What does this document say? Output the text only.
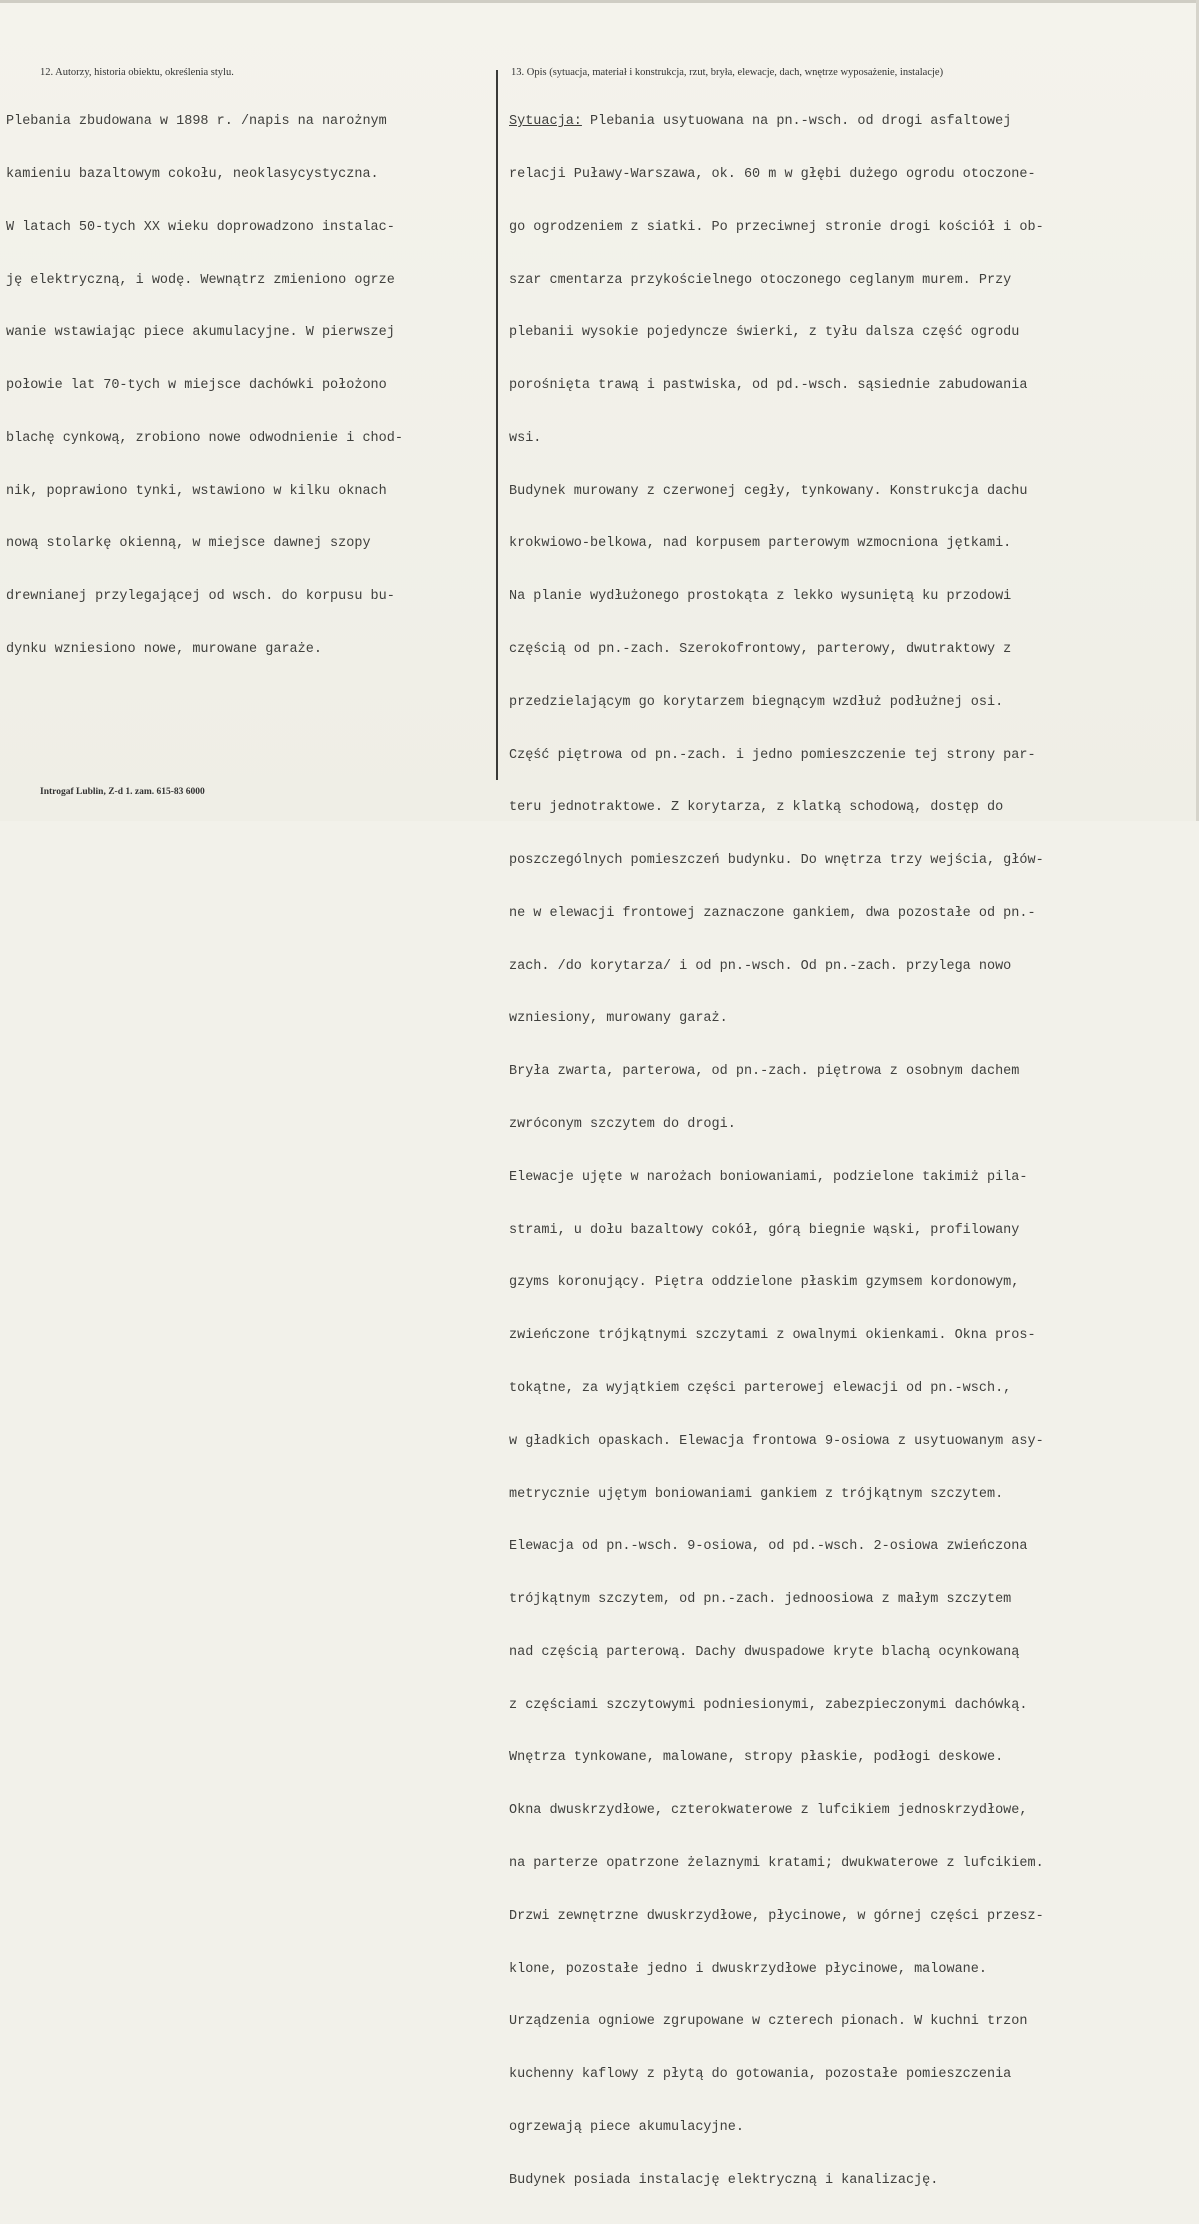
12. Autorzy, historia obiektu, określenia stylu.	13. Opis (sytuacja, materiał i konstrukcja, rzut, bryła, elewacje, dach, wnętrze wyposażenie, instalacje)

Plebania zbudowana w 1898 r. /napis na narożnym

kamieniu bazaltowym cokołu, neoklasycystyczna.

W latach 50-tych XX wieku doprowadzono instalac-

ję elektryczną, i wodę. Wewnątrz zmieniono ogrze

wanie wstawiając piece akumulacyjne. W pierwszej

połowie lat 70-tych w miejsce dachówki położono

blachę cynkową, zrobiono nowe odwodnienie i chod-

nik, poprawiono tynki, wstawiono w kilku oknach

nową stolarkę okienną, w miejsce dawnej szopy

drewnianej przylegającej od wsch. do korpusu bu-

dynku wzniesiono nowe, murowane garaże.

Sytuacja: Plebania usytuowana na pn.-wsch. od drogi asfaltowej

relacji Puławy-Warszawa, ok. 60 m w głębi dużego ogrodu otoczone-

go ogrodzeniem z siatki. Po przeciwnej stronie drogi kościół i ob-

szar cmentarza przykościelnego otoczonego ceglanym murem. Przy

plebanii wysokie pojedyncze świerki, z tyłu dalsza część ogrodu

porośnięta trawą i pastwiska, od pd.-wsch. sąsiednie zabudowania

wsi.

Budynek murowany z czerwonej cegły, tynkowany. Konstrukcja dachu

krokwiowo-belkowa, nad korpusem parterowym wzmocniona jętkami.

Na planie wydłużonego prostokąta z lekko wysuniętą ku przodowi

częścią od pn.-zach. Szerokofrontowy, parterowy, dwutraktowy z

przedzielającym go korytarzem biegnącym wzdłuż podłużnej osi.

Część piętrowa od pn.-zach. i jedno pomieszczenie tej strony par-

teru jednotraktowe. Z korytarza, z klatką schodową, dostęp do

poszczególnych pomieszczeń budynku. Do wnętrza trzy wejścia, głów-

ne w elewacji frontowej zaznaczone gankiem, dwa pozostałe od pn.-

zach. /do korytarza/ i od pn.-wsch. Od pn.-zach. przylega nowo

wzniesiony, murowany garaż.

Bryła zwarta, parterowa, od pn.-zach. piętrowa z osobnym dachem

zwróconym szczytem do drogi.

Elewacje ujęte w narożach boniowaniami, podzielone takimiż pila-

strami, u dołu bazaltowy cokół, górą biegnie wąski, profilowany

gzyms koronujący. Piętra oddzielone płaskim gzymsem kordonowym,

zwieńczone trójkątnymi szczytami z owalnymi okienkami. Okna pros-

tokątne, za wyjątkiem części parterowej elewacji od pn.-wsch.,

w gładkich opaskach. Elewacja frontowa 9-osiowa z usytuowanym asy-

metrycznie ujętym boniowaniami gankiem z trójkątnym szczytem.

Elewacja od pn.-wsch. 9-osiowa, od pd.-wsch. 2-osiowa zwieńczona

trójkątnym szczytem, od pn.-zach. jednoosiowa z małym szczytem

nad częścią parterową. Dachy dwuspadowe kryte blachą ocynkowaną

z częściami szczytowymi podniesionymi, zabezpieczonymi dachówką.

Wnętrza tynkowane, malowane, stropy płaskie, podłogi deskowe.

Okna dwuskrzydłowe, czterokwaterowe z lufcikiem jednoskrzydłowe,

na parterze opatrzone żelaznymi kratami; dwukwaterowe z lufcikiem.

Drzwi zewnętrzne dwuskrzydłowe, płycinowe, w górnej części przesz-

klone, pozostałe jedno i dwuskrzydłowe płycinowe, malowane.

Urządzenia ogniowe zgrupowane w czterech pionach. W kuchni trzon

kuchenny kaflowy z płytą do gotowania, pozostałe pomieszczenia

ogrzewają piece akumulacyjne.

Budynek posiada instalację elektryczną i kanalizację.

Introgaf Lublin, Z-d 1. zam. 615-83 6000
